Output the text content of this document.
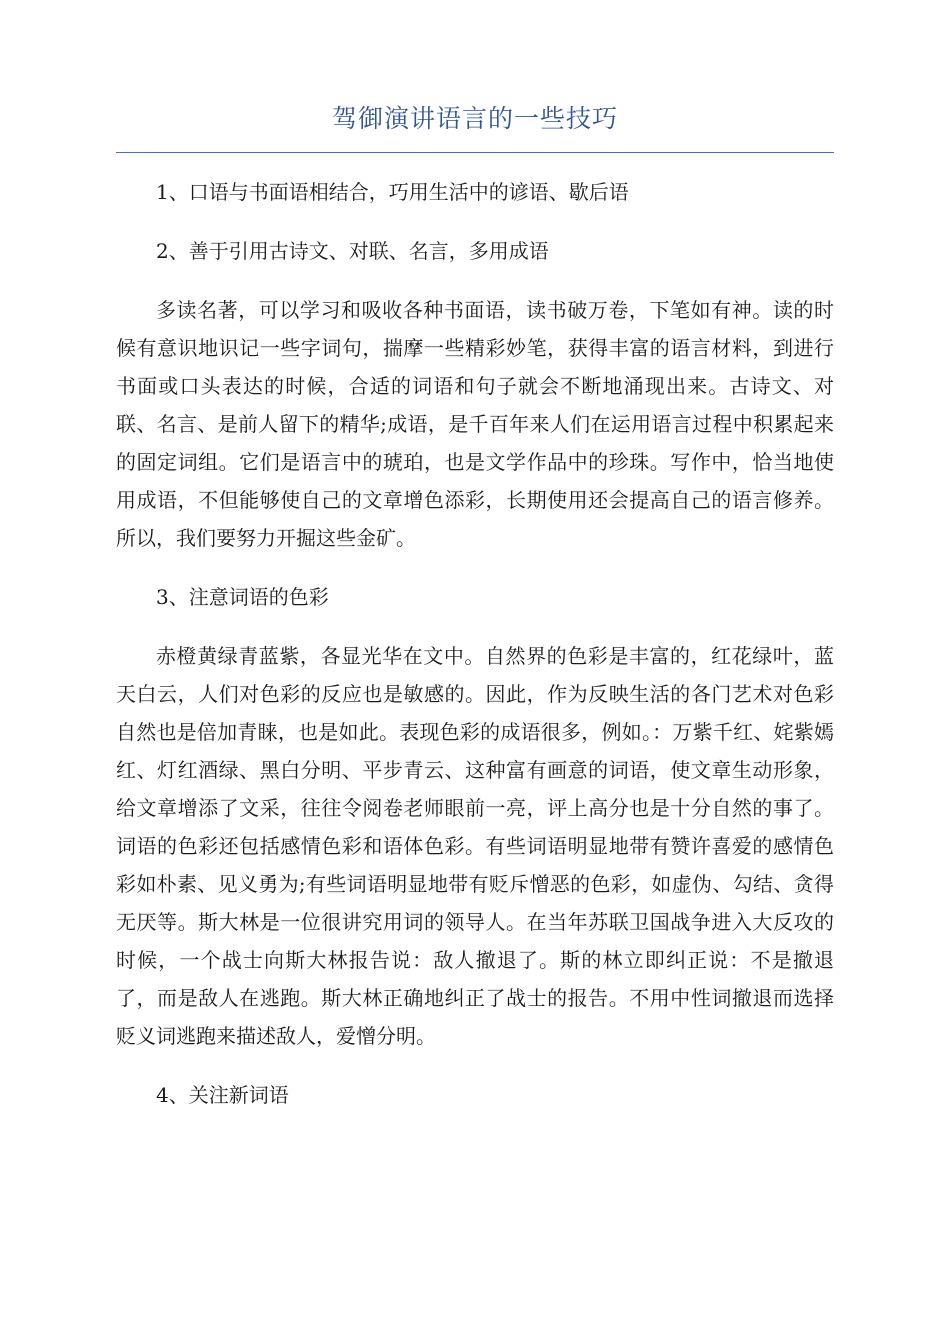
驾御演讲语言的一些技巧

1、口语与书面语相结合，巧用生活中的谚语、歇后语

2、善于引用古诗文、对联、名言，多用成语

多读名著，可以学习和吸收各种书面语，读书破万卷，下笔如有神。读的时候有意识地识记一些字词句，揣摩一些精彩妙笔，获得丰富的语言材料，到进行书面或口头表达的时候，合适的词语和句子就会不断地涌现出来。古诗文、对联、名言、是前人留下的精华;成语，是千百年来人们在运用语言过程中积累起来的固定词组。它们是语言中的琥珀，也是文学作品中的珍珠。写作中，恰当地使用成语，不但能够使自己的文章增色添彩，长期使用还会提高自己的语言修养。所以，我们要努力开掘这些金矿。

3、注意词语的色彩

赤橙黄绿青蓝紫，各显光华在文中。自然界的色彩是丰富的，红花绿叶，蓝天白云，人们对色彩的反应也是敏感的。因此，作为反映生活的各门艺术对色彩自然也是倍加青睐，也是如此。表现色彩的成语很多，例如。：万紫千红、姹紫嫣红、灯红酒绿、黑白分明、平步青云、这种富有画意的词语，使文章生动形象，给文章增添了文采，往往令阅卷老师眼前一亮，评上高分也是十分自然的事了。词语的色彩还包括感情色彩和语体色彩。有些词语明显地带有赞许喜爱的感情色彩如朴素、见义勇为;有些词语明显地带有贬斥憎恶的色彩，如虚伪、勾结、贪得无厌等。斯大林是一位很讲究用词的领导人。在当年苏联卫国战争进入大反攻的时候，一个战士向斯大林报告说：敌人撤退了。斯的林立即纠正说：不是撤退了，而是敌人在逃跑。斯大林正确地纠正了战士的报告。不用中性词撤退而选择贬义词逃跑来描述敌人，爱憎分明。

4、关注新词语
